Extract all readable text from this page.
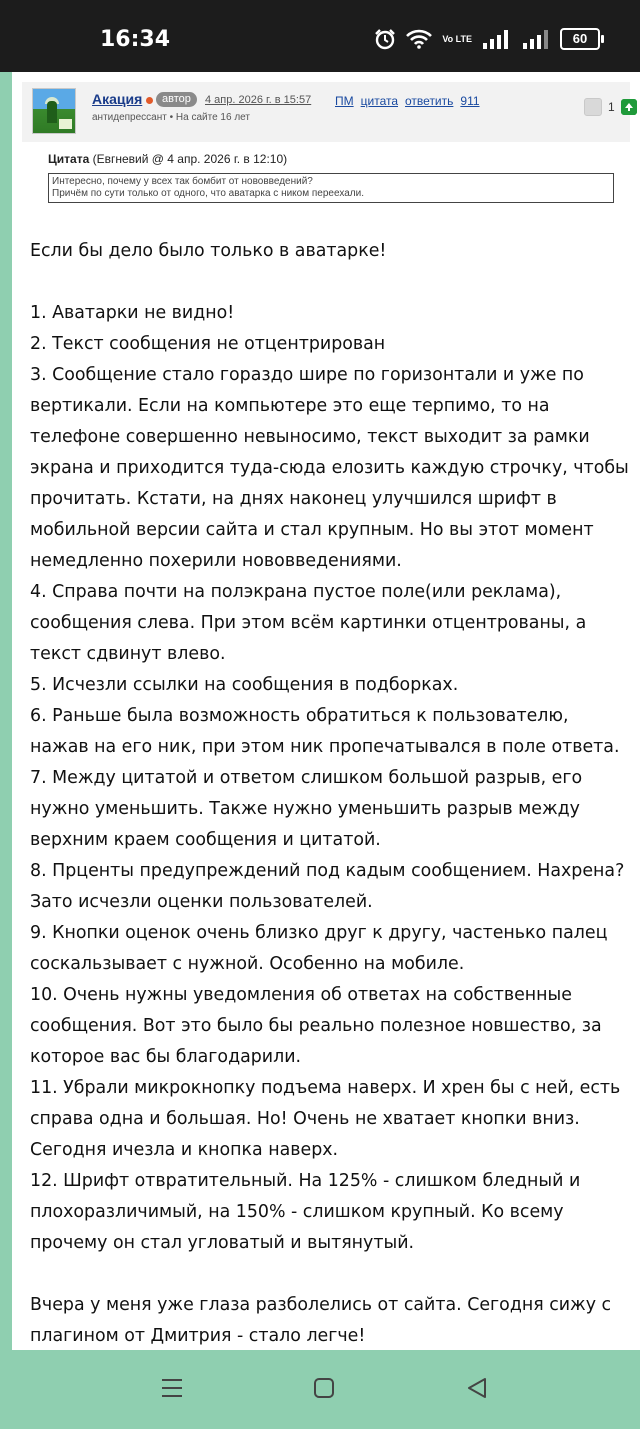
16:34	Vo LTE	60
Акация	автор	4 апр. 2026 г. в 15:57 ПМ цитата ответить 911
антидепрессант • На сайте 16 лет
1
Цитата (Евгневий @ 4 апр. 2026 г. в 12:10)
Интересно, почему у всех так бомбит от нововведений?
Причём по сути только от одного, что аватарка с ником переехали.

Если бы дело было только в аватарке!

1. Аватарки не видно!

2. Текст сообщения не отцентрирован

3. Сообщение стало гораздо шире по горизонтали и уже по вертикали. Если на компьютере это еще терпимо, то на телефоне совершенно невыносимо, текст выходит за рамки экрана и приходится туда-сюда елозить каждую строчку, чтобы прочитать. Кстати, на днях наконец улучшился шрифт в мобильной версии сайта и стал крупным. Но вы этот момент немедленно похерили нововведениями.

4. Справа почти на полэкрана пустое поле(или реклама), сообщения слева. При этом всём картинки отцентрованы, а текст сдвинут влево.

5. Исчезли ссылки на сообщения в подборках.

6. Раньше была возможность обратиться к пользователю, нажав на его ник, при этом ник пропечатывался в поле ответа.

7. Между цитатой и ответом слишком большой разрыв, его нужно уменьшить. Также нужно уменьшить разрыв между верхним краем сообщения и цитатой.

8. Прценты предупреждений под кадым сообщением. Нахрена? Зато исчезли оценки пользователей.

9. Кнопки оценок очень близко друг к другу, частенько палец соскальзывает с нужной. Особенно на мобиле.

10. Очень нужны уведомления об ответах на собственные сообщения. Вот это было бы реально полезное новшество, за которое вас бы благодарили.

11. Убрали микрокнопку подъема наверх. И хрен бы с ней, есть справа одна и большая. Но! Очень не хватает кнопки вниз. Сегодня ичезла и кнопка наверх.

12. Шрифт отвратительный. На 125% - слишком бледный и плохоразличимый, на 150% - слишком крупный. Ко всему прочему он стал угловатый и вытянутый.

Вчера у меня уже глаза разболелись от сайта. Сегодня сижу с плагином от Дмитрия - стало легче!
